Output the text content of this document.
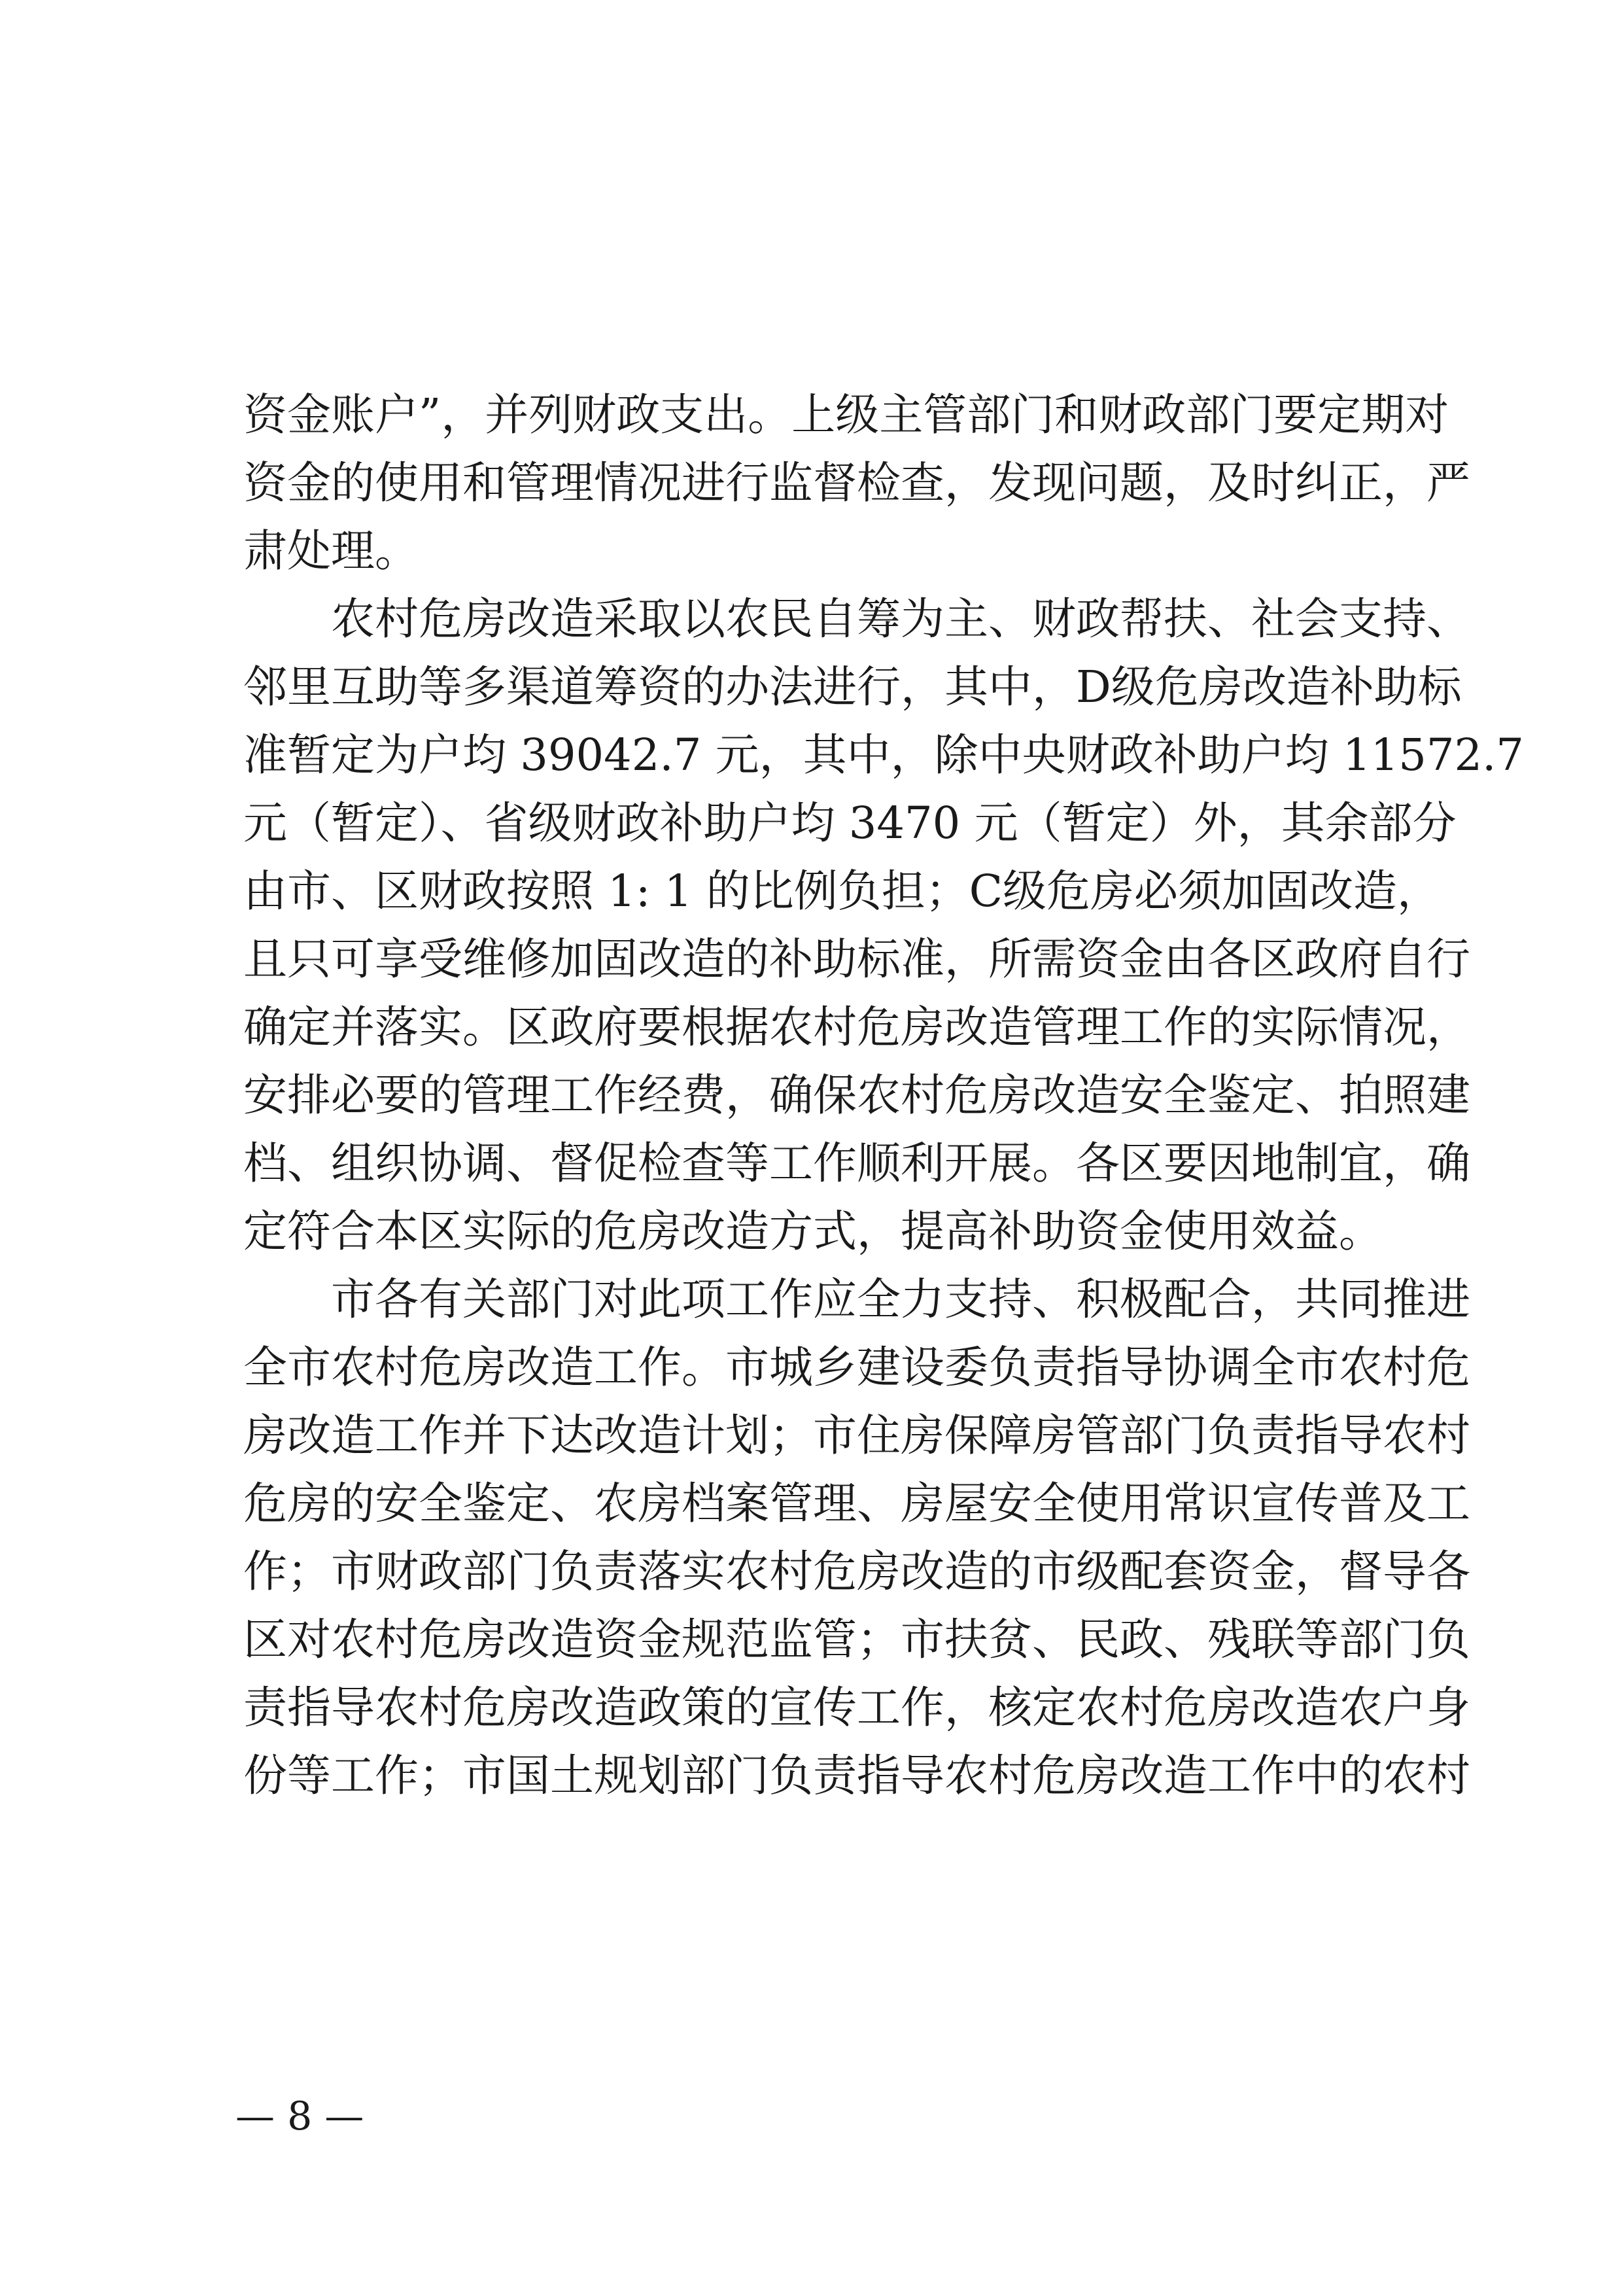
资金账户”，并列财政支出。上级主管部门和财政部门要定期对
资金的使用和管理情况进行监督检查，发现问题，及时纠正，严
肃处理。
　　农村危房改造采取以农民自筹为主、财政帮扶、社会支持、
邻里互助等多渠道筹资的办法进行，其中，D级危房改造补助标
准暂定为户均 39042.7 元，其中，除中央财政补助户均 11572.7
元（暂定）、省级财政补助户均 3470 元（暂定）外，其余部分
由市、区财政按照 1: 1 的比例负担；C级危房必须加固改造，
且只可享受维修加固改造的补助标准，所需资金由各区政府自行
确定并落实。区政府要根据农村危房改造管理工作的实际情况，
安排必要的管理工作经费，确保农村危房改造安全鉴定、拍照建
档、组织协调、督促检查等工作顺利开展。各区要因地制宜，确
定符合本区实际的危房改造方式，提高补助资金使用效益。
　　市各有关部门对此项工作应全力支持、积极配合，共同推进
全市农村危房改造工作。市城乡建设委负责指导协调全市农村危
房改造工作并下达改造计划；市住房保障房管部门负责指导农村
危房的安全鉴定、农房档案管理、房屋安全使用常识宣传普及工
作；市财政部门负责落实农村危房改造的市级配套资金，督导各
区对农村危房改造资金规范监管；市扶贫、民政、残联等部门负
责指导农村危房改造政策的宣传工作，核定农村危房改造农户身
份等工作；市国土规划部门负责指导农村危房改造工作中的农村
— 8 —
